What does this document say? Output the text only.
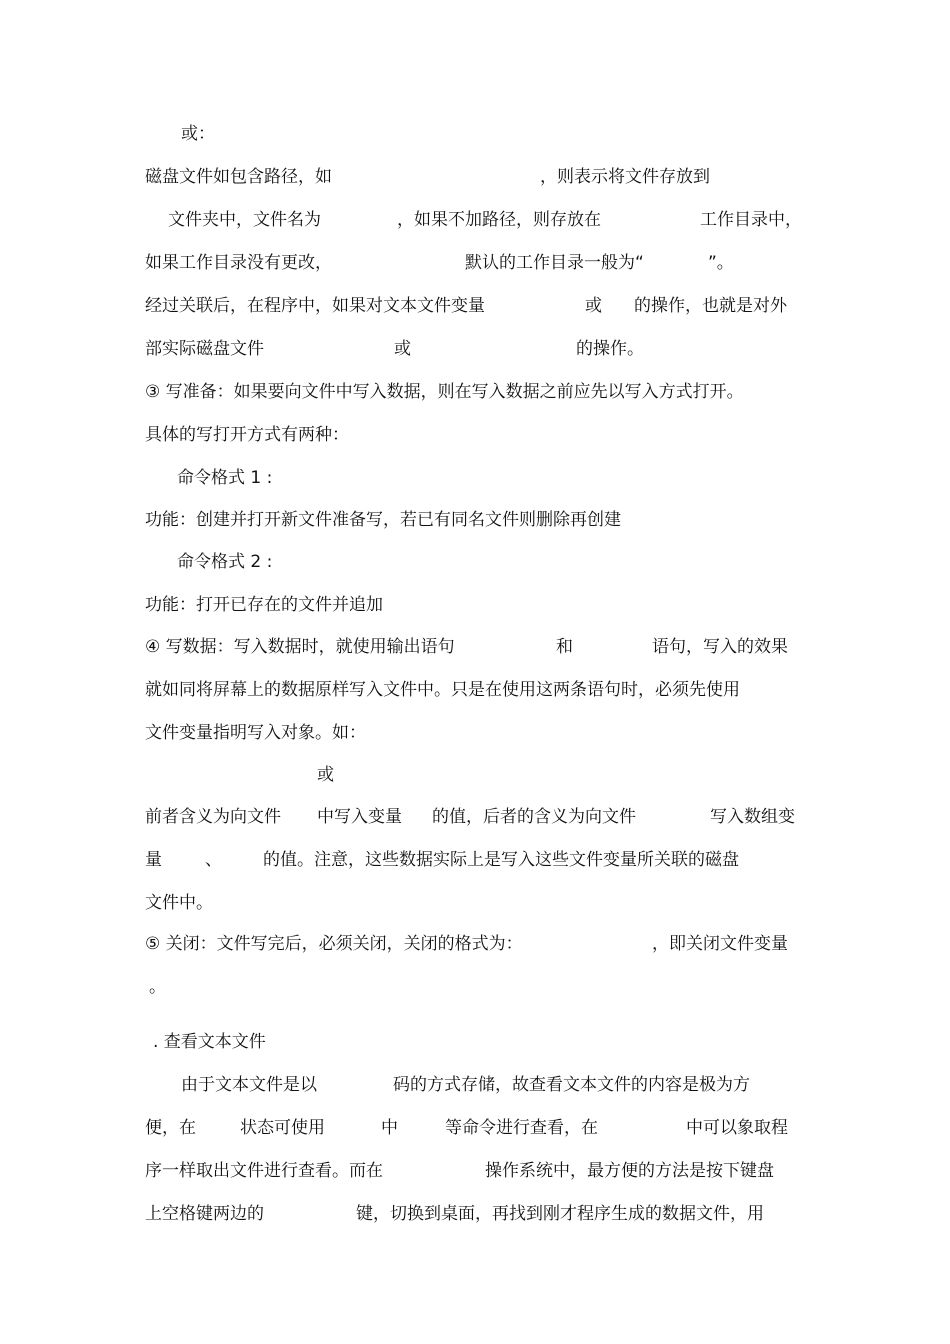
或：
磁盘文件如包含路径，如	，则表示将文件存放到
文件夹中，文件名为	，如果不加路径，则存放在	工作目录中，
如果工作目录没有更改，	默认的工作目录一般为“	”。
经过关联后，在程序中，如果对文本文件变量	或 的操作，也就是对外
部实际磁盘文件	或	的操作。
③ 写准备：如果要向文件中写入数据，则在写入数据之前应先以写入方式打开。
具体的写打开方式有两种：
命令格式 1 :
功能：创建并打开新文件准备写，若已有同名文件则删除再创建
命令格式 2 :
功能：打开已存在的文件并追加
④ 写数据：写入数据时，就使用输出语句	和	语句，写入的效果
就如同将屏幕上的数据原样写入文件中。只是在使用这两条语句时，必须先使用
文件变量指明写入对象。如：
或
前者含义为向文件 中写入变量 的值，后者的含义为向文件	写入数组变
量	、 的值。注意，这些数据实际上是写入这些文件变量所关联的磁盘
文件中。
⑤ 关闭：文件写完后，必须关闭，关闭的格式为：	，即关闭文件变量
。
. 查看文本文件
由于文本文件是以	码的方式存储，故查看文本文件的内容是极为方
便，在	状态可使用	中	等命令进行查看，在	中可以象取程
序一样取出文件进行查看。而在	操作系统中，最方便的方法是按下键盘
上空格键两边的	键，切换到桌面，再找到刚才程序生成的数据文件，用
